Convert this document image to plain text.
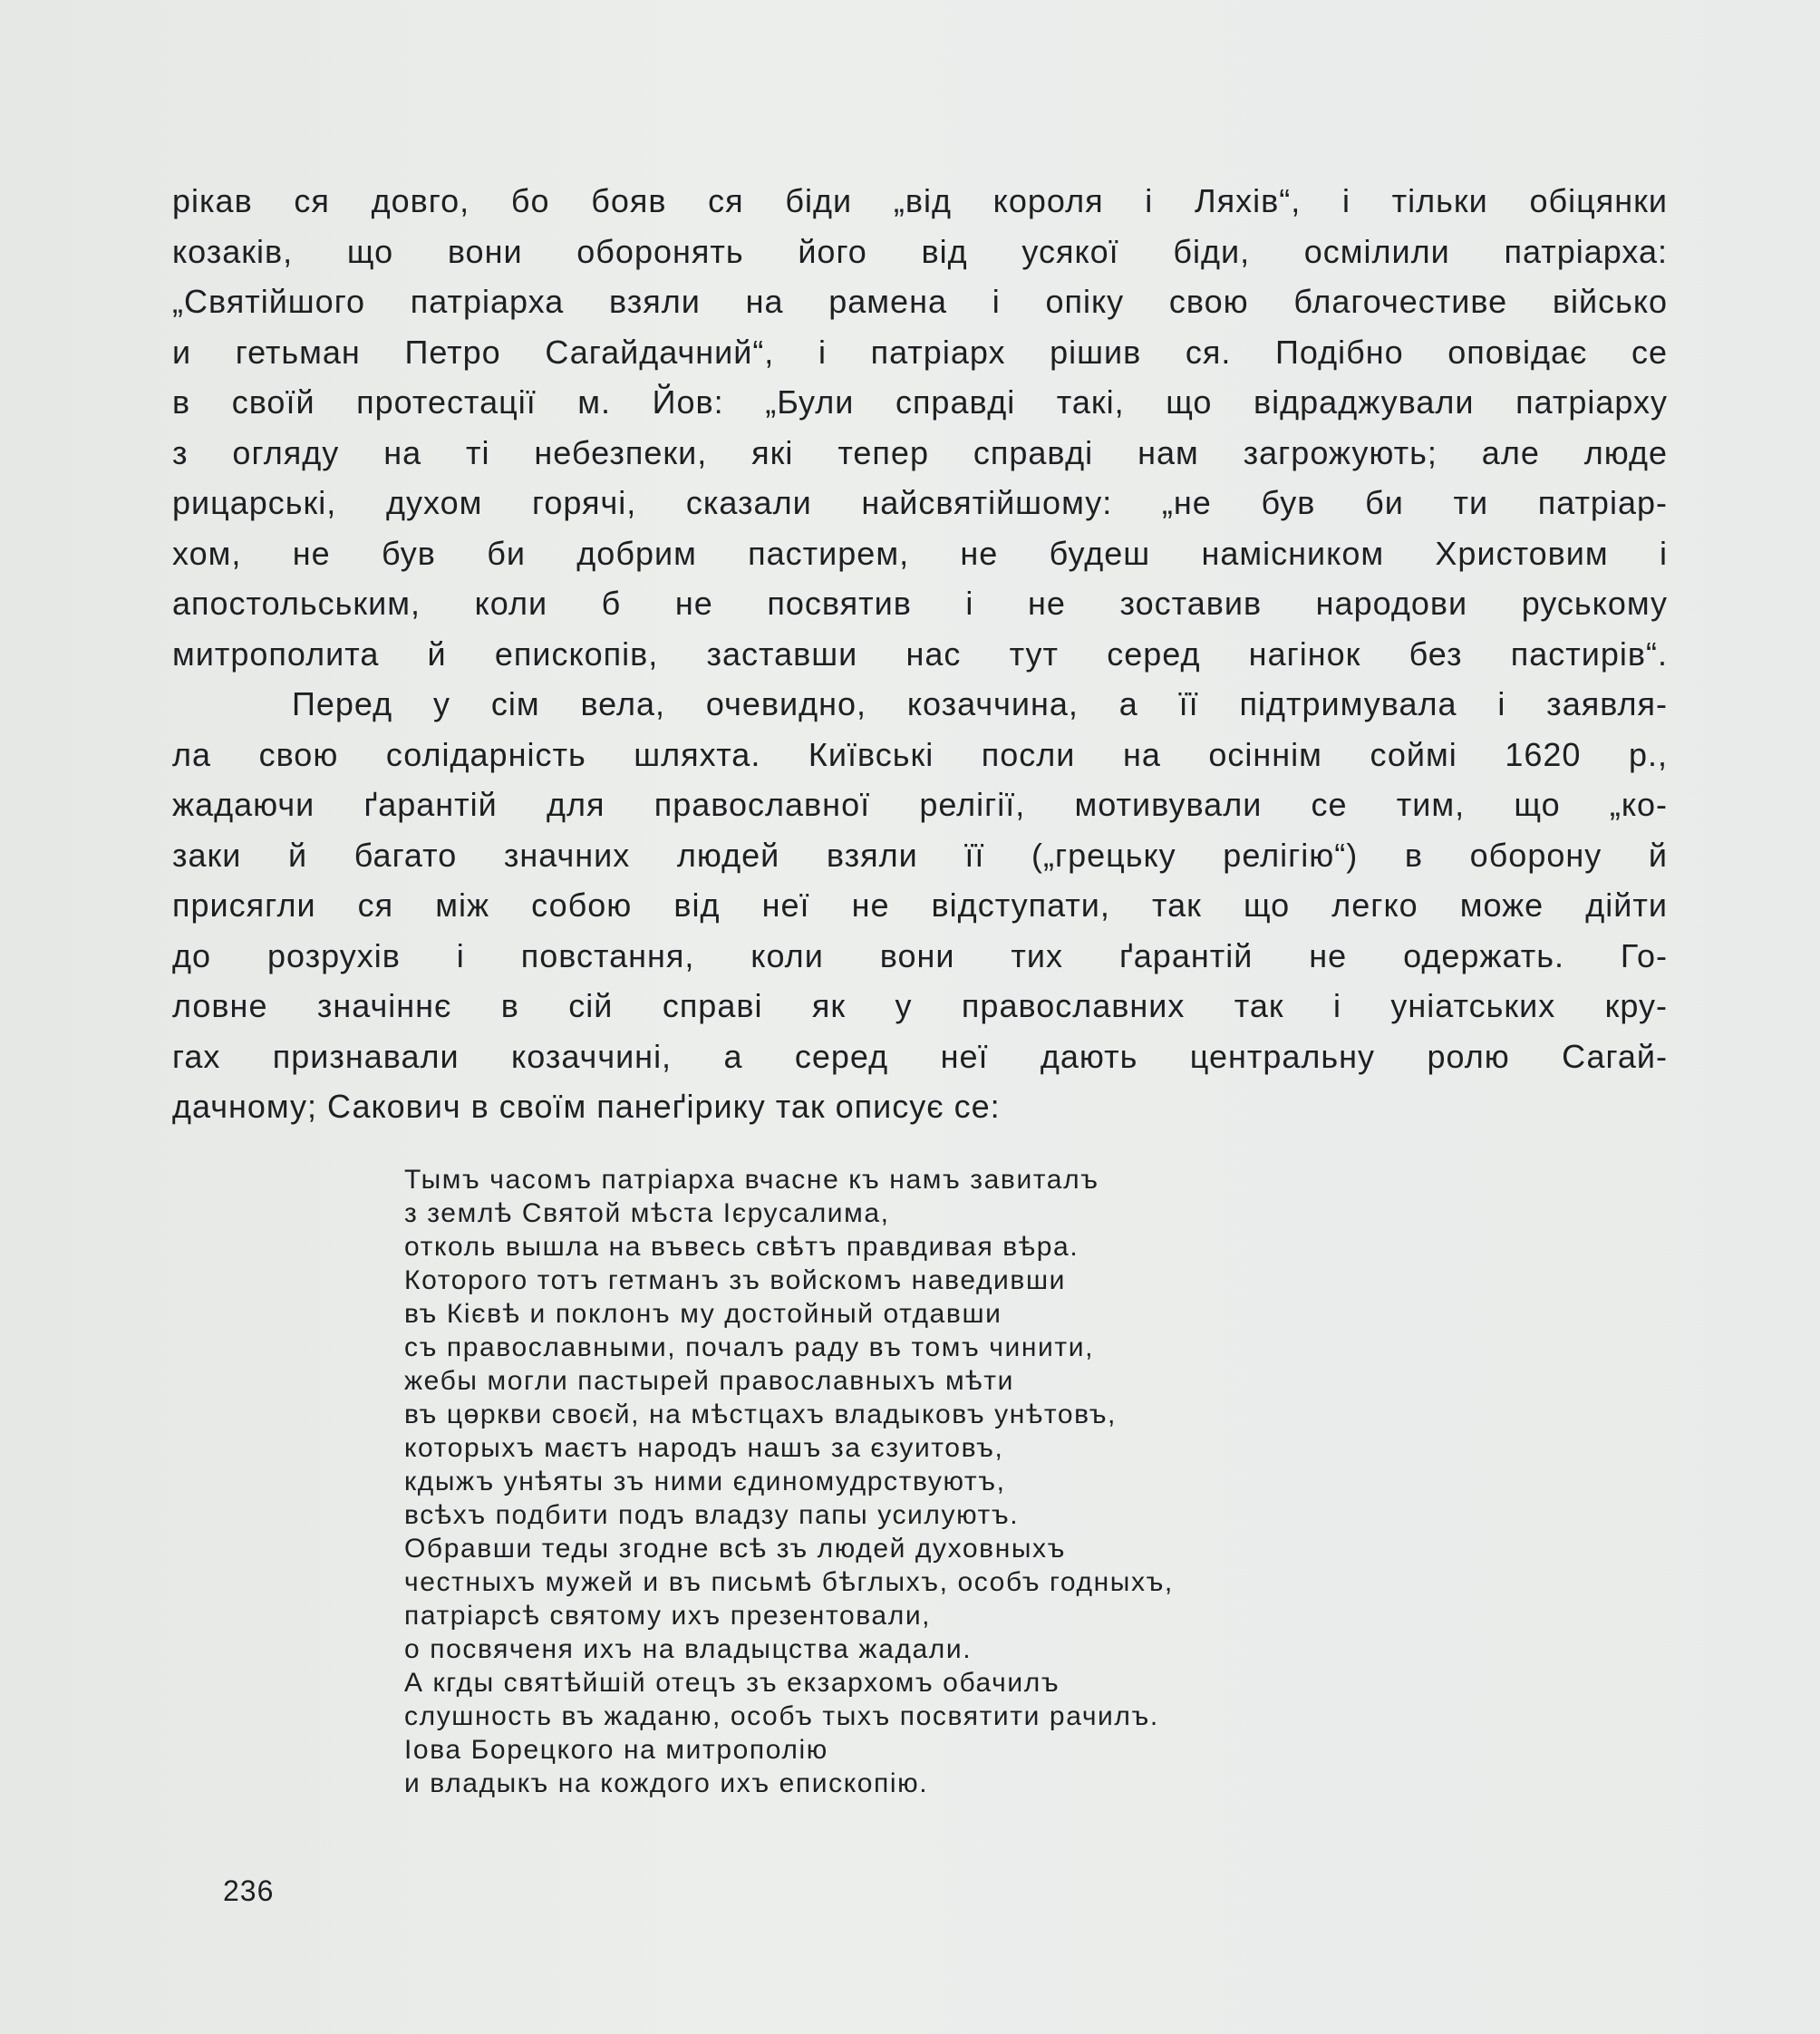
рікав ся довго, бо бояв ся біди „від короля і Ляхів“, і тільки обіцянки
козаків, що вони оборонять його від усякої біди, осмілили патріарха:
„Святійшого патріарха взяли на рамена і опіку свою благочестиве військо
и гетьман Петро Сагайдачний“, і патріарх рішив ся. Подібно оповідає се
в своїй протестації м. Йов: „Були справді такі, що відраджували патріарху
з огляду на ті небезпеки, які тепер справді нам загрожують; але люде
рицарські, духом горячі, сказали найсвятійшому: „не був би ти патріар-
хом, не був би добрим пастирем, не будеш намісником Христовим і
апостольським, коли б не посвятив і не зоставив народови руському
митрополита й епископів, заставши нас тут серед нагінок без пастирів“.
Перед у сім вела, очевидно, козаччина, а її підтримувала і заявля-
ла свою солідарність шляхта. Київські посли на осіннім соймі 1620 р.,
жадаючи ґарантій для православної релігії, мотивували се тим, що „ко-
заки й багато значних людей взяли її („грецьку релігію“) в оборону й
присягли ся між собою від неї не відступати, так що легко може дійти
до розрухів і повстання, коли вони тих ґарантій не одержать. Го-
ловне значіннє в сій справі як у православних так і уніатських кру-
гах признавали козаччині, а серед неї дають центральну ролю Сагай-
дачному; Сакович в своїм панеґірику так описує се:
Тымъ часомъ патріарха вчасне къ намъ завиталъ
з землѣ Святой мѣста Ієрусалима,
отколь вышла на въвесь свѣтъ правдивая вѣра.
Которого тотъ гетманъ зъ войскомъ наведивши
въ Кієвѣ и поклонъ му достойный отдавши
съ православными, почалъ раду въ томъ чинити,
жебы могли пастырей православныхъ мѣти
въ цөркви своєй, на мѣстцахъ владыковъ унѣтовъ,
которыхъ маєтъ народъ нашъ за єзуитовъ,
кдыжъ унѣяты зъ ними єдиномудрствуютъ,
всѣхъ подбити подъ владзу папы усилуютъ.
Обравши теды згодне всѣ зъ людей духовныхъ
честныхъ мужей и въ письмѣ бѣглыхъ, особъ годныхъ,
патріарсѣ святому ихъ презентовали,
о посвяченя ихъ на владыцства жадали.
А кгды святѣйшій отецъ зъ екзархомъ обачилъ
слушность въ жаданю, особъ тыхъ посвятити рачилъ.
Іова Борецкого на митрополію
и владыкъ на кождого ихъ епископію.
236
